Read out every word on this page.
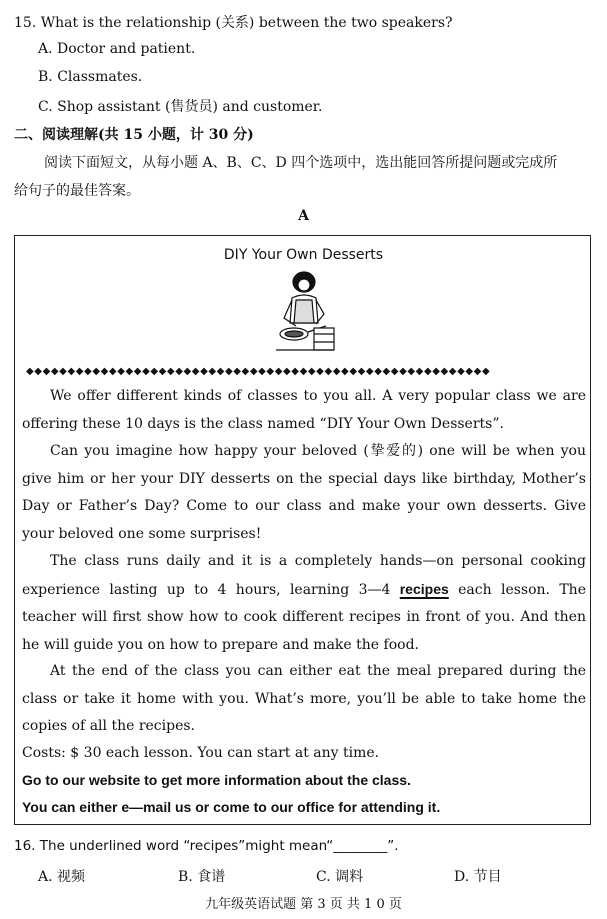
15. What is the relationship (关系) between the two speakers?
A. Doctor and patient.
B. Classmates.
C. Shop assistant (售货员) and customer.
二、阅读理解(共 15 小题，计 30 分)
阅读下面短文，从每小题 A、B、C、D 四个选项中，选出能回答所提问题或完成所
给句子的最佳答案。
A
DIY Your Own Desserts
◆◆◆◆◆◆◆◆◆◆◆◆◆◆◆◆◆◆◆◆◆◆◆◆◆◆◆◆◆◆◆◆◆◆◆◆◆◆◆◆◆◆◆◆◆◆◆◆◆◆◆◆◆◆◆◆
We offer different kinds of classes to you all. A very popular class we are offering these 10 days is the class named “DIY Your Own Desserts”.
Can you imagine how happy your beloved (挚爱的) one will be when you give him or her your DIY desserts on the special days like birthday, Mother’s Day or Father’s Day? Come to our class and make your own desserts. Give your beloved one some surprises!
The class runs daily and it is a completely hands—on personal cooking experience lasting up to 4 hours, learning 3—4 recipes each lesson. The teacher will first show how to cook different recipes in front of you. And then he will guide you on how to prepare and make the food.
At the end of the class you can either eat the meal prepared during the class or take it home with you. What’s more, you’ll be able to take home the copies of all the recipes.
Costs: $ 30 each lesson. You can start at any time.
Go to our website to get more information about the class.
You can either e—mail us or come to our office for attending it.
16. The underlined word “recipes”might mean“________”.
A. 视频	B. 食谱	C. 调料	D. 节目
九年级英语试题 第 3 页 共 1 0 页
